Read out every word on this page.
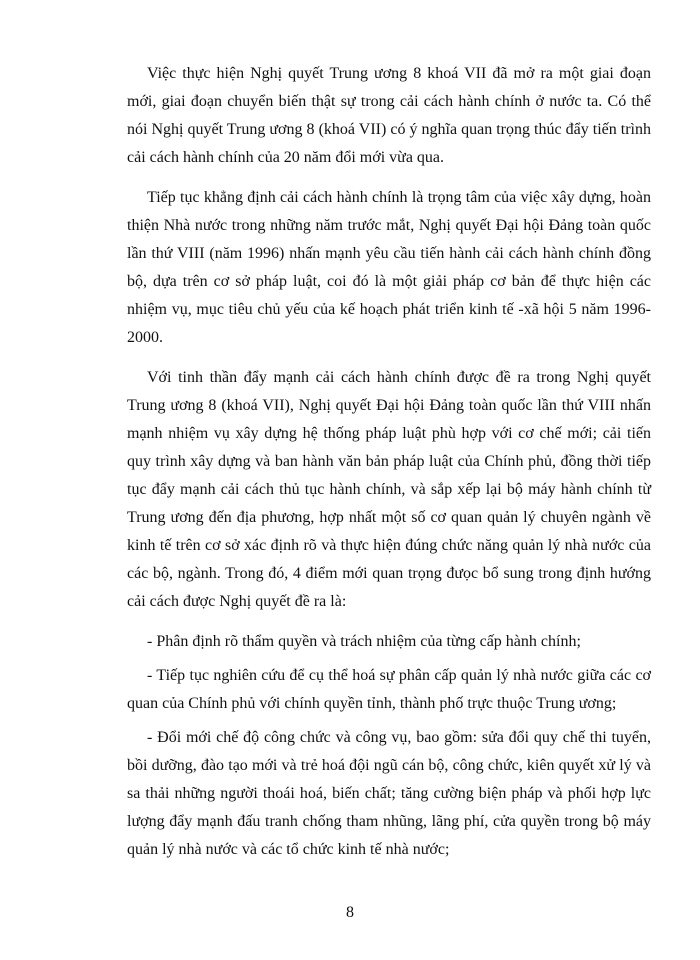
Việc thực hiện Nghị quyết Trung ương 8 khoá VII đã mở ra một giai đoạn mới, giai đoạn chuyển biến thật sự trong cải cách hành chính ở nước ta. Có thể nói Nghị quyết Trung ương 8 (khoá VII) có ý nghĩa quan trọng thúc đẩy tiến trình cải cách hành chính của 20 năm đổi mới vừa qua.

Tiếp tục khẳng định cải cách hành chính là trọng tâm của việc xây dựng, hoàn thiện Nhà nước trong những năm trước mắt, Nghị quyết Đại hội Đảng toàn quốc lần thứ VIII (năm 1996) nhấn mạnh yêu cầu tiến hành cải cách hành chính đồng bộ, dựa trên cơ sở pháp luật, coi đó là một giải pháp cơ bản để thực hiện các nhiệm vụ, mục tiêu chủ yếu của kế hoạch phát triển kinh tế -xã hội 5 năm 1996-2000.

Với tinh thần đẩy mạnh cải cách hành chính được đề ra trong Nghị quyết Trung ương 8 (khoá VII), Nghị quyết Đại hội Đảng toàn quốc lần thứ VIII nhấn mạnh nhiệm vụ xây dựng hệ thống pháp luật phù hợp với cơ chế mới; cải tiến quy trình xây dựng và ban hành văn bản pháp luật của Chính phủ, đồng thời tiếp tục đẩy mạnh cải cách thủ tục hành chính, và sắp xếp lại bộ máy hành chính từ Trung ương đến địa phương, hợp nhất một số cơ quan quản lý chuyên ngành về kinh tế trên cơ sở xác định rõ và thực hiện đúng chức năng quản lý nhà nước của các bộ, ngành. Trong đó, 4 điểm mới quan trọng đưọc bổ sung trong định hướng cải cách được Nghị quyết đề ra là:

- Phân định rõ thẩm quyền và trách nhiệm của từng cấp hành chính;

- Tiếp tục nghiên cứu để cụ thể hoá sự phân cấp quản lý nhà nước giữa các cơ quan của Chính phủ với chính quyền tỉnh, thành phố trực thuộc Trung ương;

- Đổi mới chế độ công chức và công vụ, bao gồm: sửa đổi quy chế thi tuyển, bồi dưỡng, đào tạo mới và trẻ hoá đội ngũ cán bộ, công chức, kiên quyết xử lý và sa thải những người thoái hoá, biến chất; tăng cường biện pháp và phối hợp lực lượng đẩy mạnh đấu tranh chống tham nhũng, lãng phí, cửa quyền trong bộ máy quản lý nhà nước và các tổ chức kinh tế nhà nước;

8
